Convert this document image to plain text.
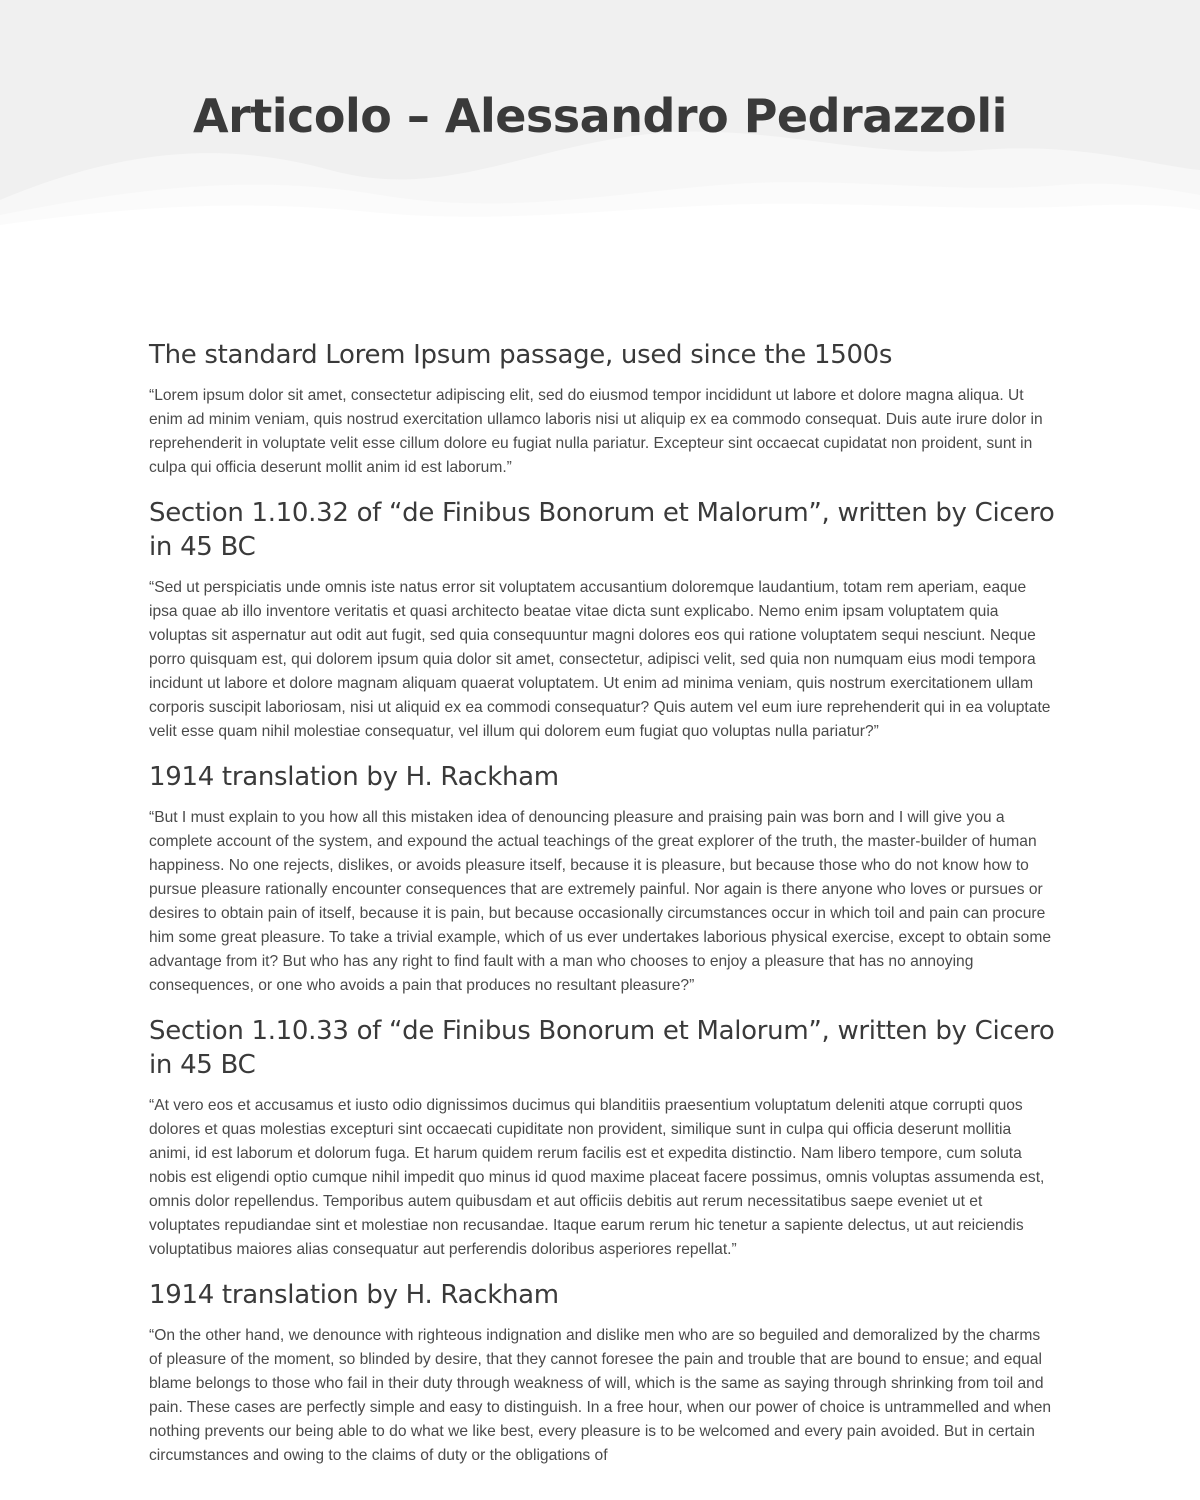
Articolo – Alessandro Pedrazzoli
The standard Lorem Ipsum passage, used since the 1500s

“Lorem ipsum dolor sit amet, consectetur adipiscing elit, sed do eiusmod tempor incididunt ut labore et dolore magna aliqua. Ut enim ad minim veniam, quis nostrud exercitation ullamco laboris nisi ut aliquip ex ea commodo consequat. Duis aute irure dolor in reprehenderit in voluptate velit esse cillum dolore eu fugiat nulla pariatur. Excepteur sint occaecat cupidatat non proident, sunt in culpa qui officia deserunt mollit anim id est laborum.”

Section 1.10.32 of “de Finibus Bonorum et Malorum”, written by Cicero in 45 BC

“Sed ut perspiciatis unde omnis iste natus error sit voluptatem accusantium doloremque laudantium, totam rem aperiam, eaque ipsa quae ab illo inventore veritatis et quasi architecto beatae vitae dicta sunt explicabo. Nemo enim ipsam voluptatem quia voluptas sit aspernatur aut odit aut fugit, sed quia consequuntur magni dolores eos qui ratione voluptatem sequi nesciunt. Neque porro quisquam est, qui dolorem ipsum quia dolor sit amet, consectetur, adipisci velit, sed quia non numquam eius modi tempora incidunt ut labore et dolore magnam aliquam quaerat voluptatem. Ut enim ad minima veniam, quis nostrum exercitationem ullam corporis suscipit laboriosam, nisi ut aliquid ex ea commodi consequatur? Quis autem vel eum iure reprehenderit qui in ea voluptate velit esse quam nihil molestiae consequatur, vel illum qui dolorem eum fugiat quo voluptas nulla pariatur?”

1914 translation by H. Rackham

“But I must explain to you how all this mistaken idea of denouncing pleasure and praising pain was born and I will give you a complete account of the system, and expound the actual teachings of the great explorer of the truth, the master-builder of human happiness. No one rejects, dislikes, or avoids pleasure itself, because it is pleasure, but because those who do not know how to pursue pleasure rationally encounter consequences that are extremely painful. Nor again is there anyone who loves or pursues or desires to obtain pain of itself, because it is pain, but because occasionally circumstances occur in which toil and pain can procure him some great pleasure. To take a trivial example, which of us ever undertakes laborious physical exercise, except to obtain some advantage from it? But who has any right to find fault with a man who chooses to enjoy a pleasure that has no annoying consequences, or one who avoids a pain that produces no resultant pleasure?”

Section 1.10.33 of “de Finibus Bonorum et Malorum”, written by Cicero in 45 BC

“At vero eos et accusamus et iusto odio dignissimos ducimus qui blanditiis praesentium voluptatum deleniti atque corrupti quos dolores et quas molestias excepturi sint occaecati cupiditate non provident, similique sunt in culpa qui officia deserunt mollitia animi, id est laborum et dolorum fuga. Et harum quidem rerum facilis est et expedita distinctio. Nam libero tempore, cum soluta nobis est eligendi optio cumque nihil impedit quo minus id quod maxime placeat facere possimus, omnis voluptas assumenda est, omnis dolor repellendus. Temporibus autem quibusdam et aut officiis debitis aut rerum necessitatibus saepe eveniet ut et voluptates repudiandae sint et molestiae non recusandae. Itaque earum rerum hic tenetur a sapiente delectus, ut aut reiciendis voluptatibus maiores alias consequatur aut perferendis doloribus asperiores repellat.”

1914 translation by H. Rackham

“On the other hand, we denounce with righteous indignation and dislike men who are so beguiled and demoralized by the charms of pleasure of the moment, so blinded by desire, that they cannot foresee the pain and trouble that are bound to ensue; and equal blame belongs to those who fail in their duty through weakness of will, which is the same as saying through shrinking from toil and pain. These cases are perfectly simple and easy to distinguish. In a free hour, when our power of choice is untrammelled and when nothing prevents our being able to do what we like best, every pleasure is to be welcomed and every pain avoided. But in certain circumstances and owing to the claims of duty or the obligations of
